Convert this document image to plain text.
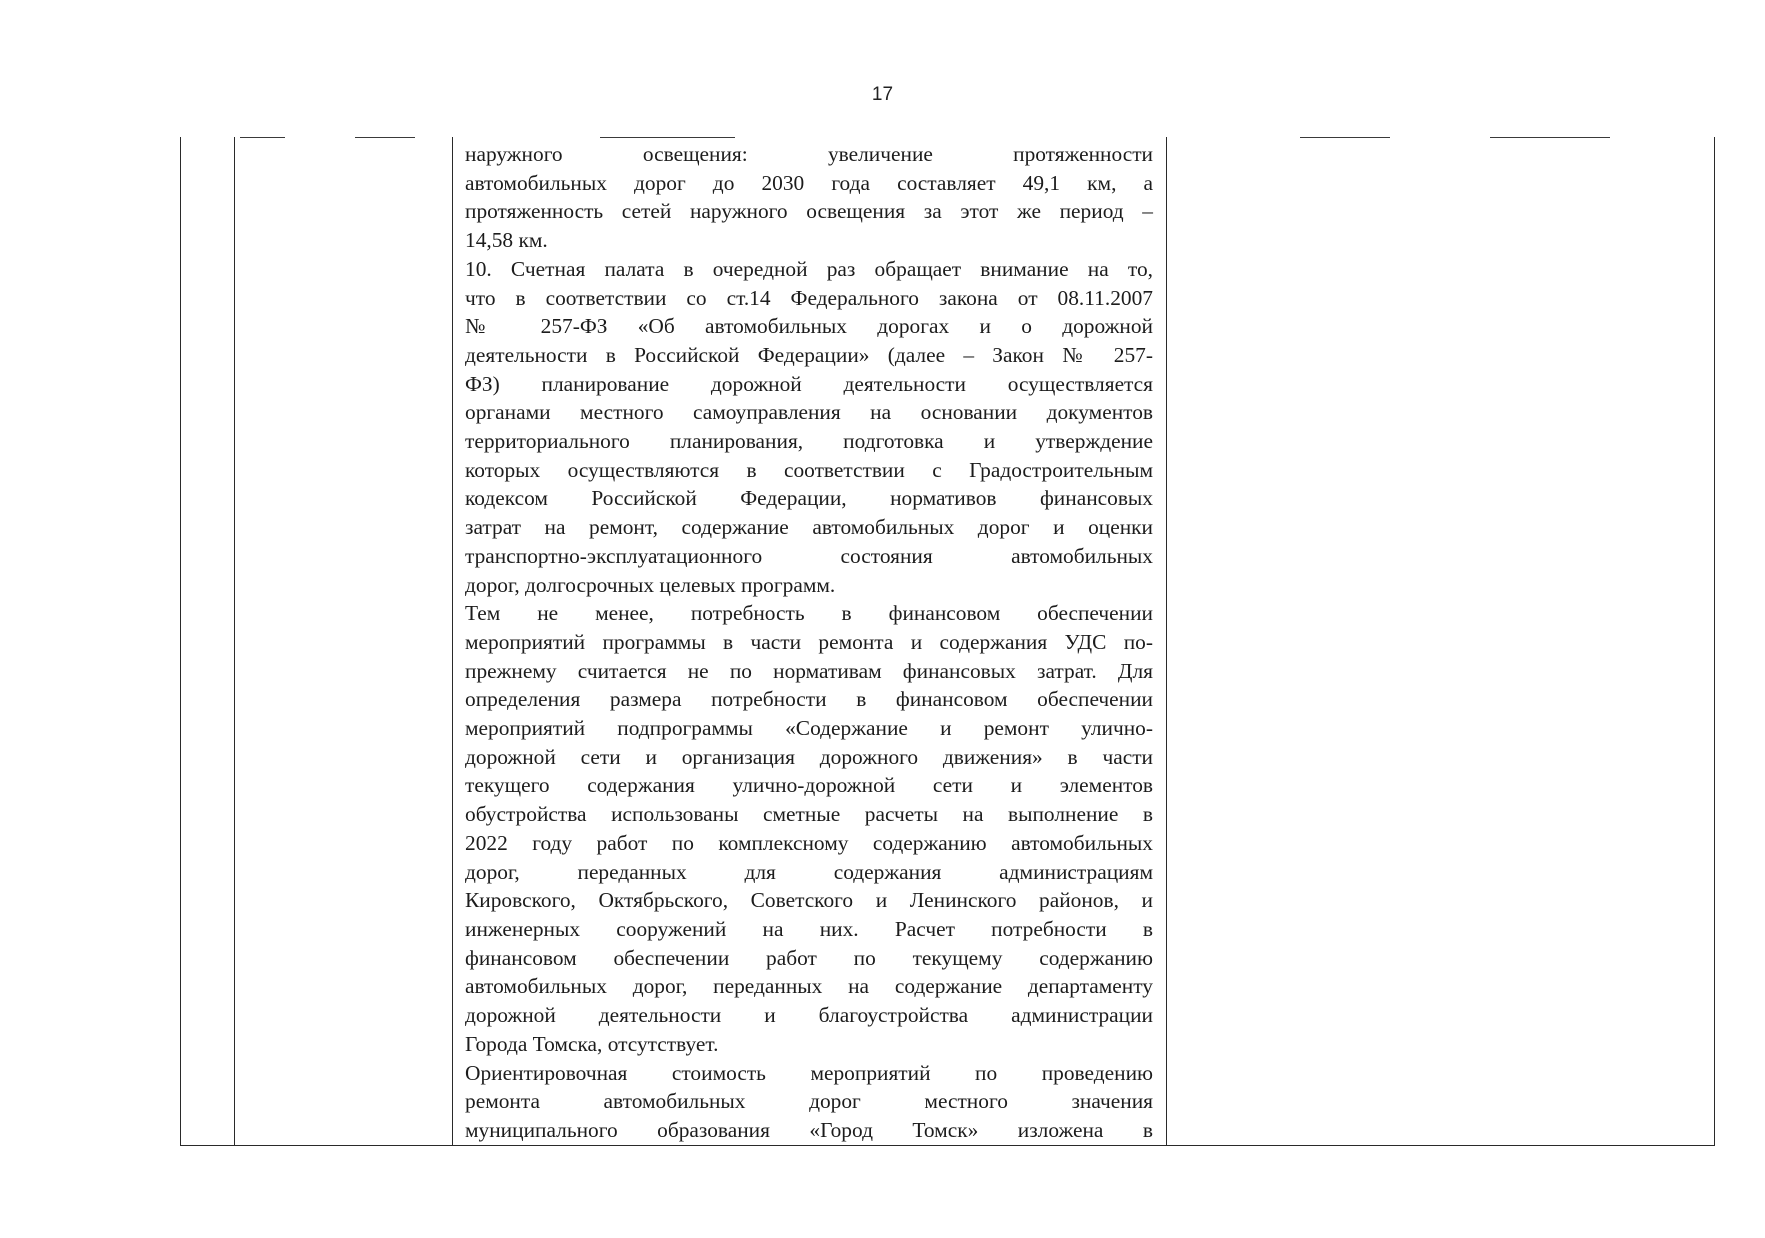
17
наружного освещения: увеличение протяженности
автомобильных дорог до 2030 года составляет 49,1 км, а
протяженность сетей наружного освещения за этот же период –
14,58 км.
10. Счетная палата в очередной раз обращает внимание на то,
что в соответствии со ст.14 Федерального закона от 08.11.2007
№ 257-ФЗ «Об автомобильных дорогах и о дорожной
деятельности в Российской Федерации» (далее – Закон № 257-
ФЗ) планирование дорожной деятельности осуществляется
органами местного самоуправления на основании документов
территориального планирования, подготовка и утверждение
которых осуществляются в соответствии с Градостроительным
кодексом Российской Федерации, нормативов финансовых
затрат на ремонт, содержание автомобильных дорог и оценки
транспортно-эксплуатационного состояния автомобильных
дорог, долгосрочных целевых программ.
Тем не менее, потребность в финансовом обеспечении
мероприятий программы в части ремонта и содержания УДС по-
прежнему считается не по нормативам финансовых затрат. Для
определения размера потребности в финансовом обеспечении
мероприятий подпрограммы «Содержание и ремонт улично-
дорожной сети и организация дорожного движения» в части
текущего содержания улично-дорожной сети и элементов
обустройства использованы сметные расчеты на выполнение в
2022 году работ по комплексному содержанию автомобильных
дорог, переданных для содержания администрациям
Кировского, Октябрьского, Советского и Ленинского районов, и
инженерных сооружений на них. Расчет потребности в
финансовом обеспечении работ по текущему содержанию
автомобильных дорог, переданных на содержание департаменту
дорожной деятельности и благоустройства администрации
Города Томска, отсутствует.
Ориентировочная стоимость мероприятий по проведению
ремонта автомобильных дорог местного значения
муниципального образования «Город Томск» изложена в
